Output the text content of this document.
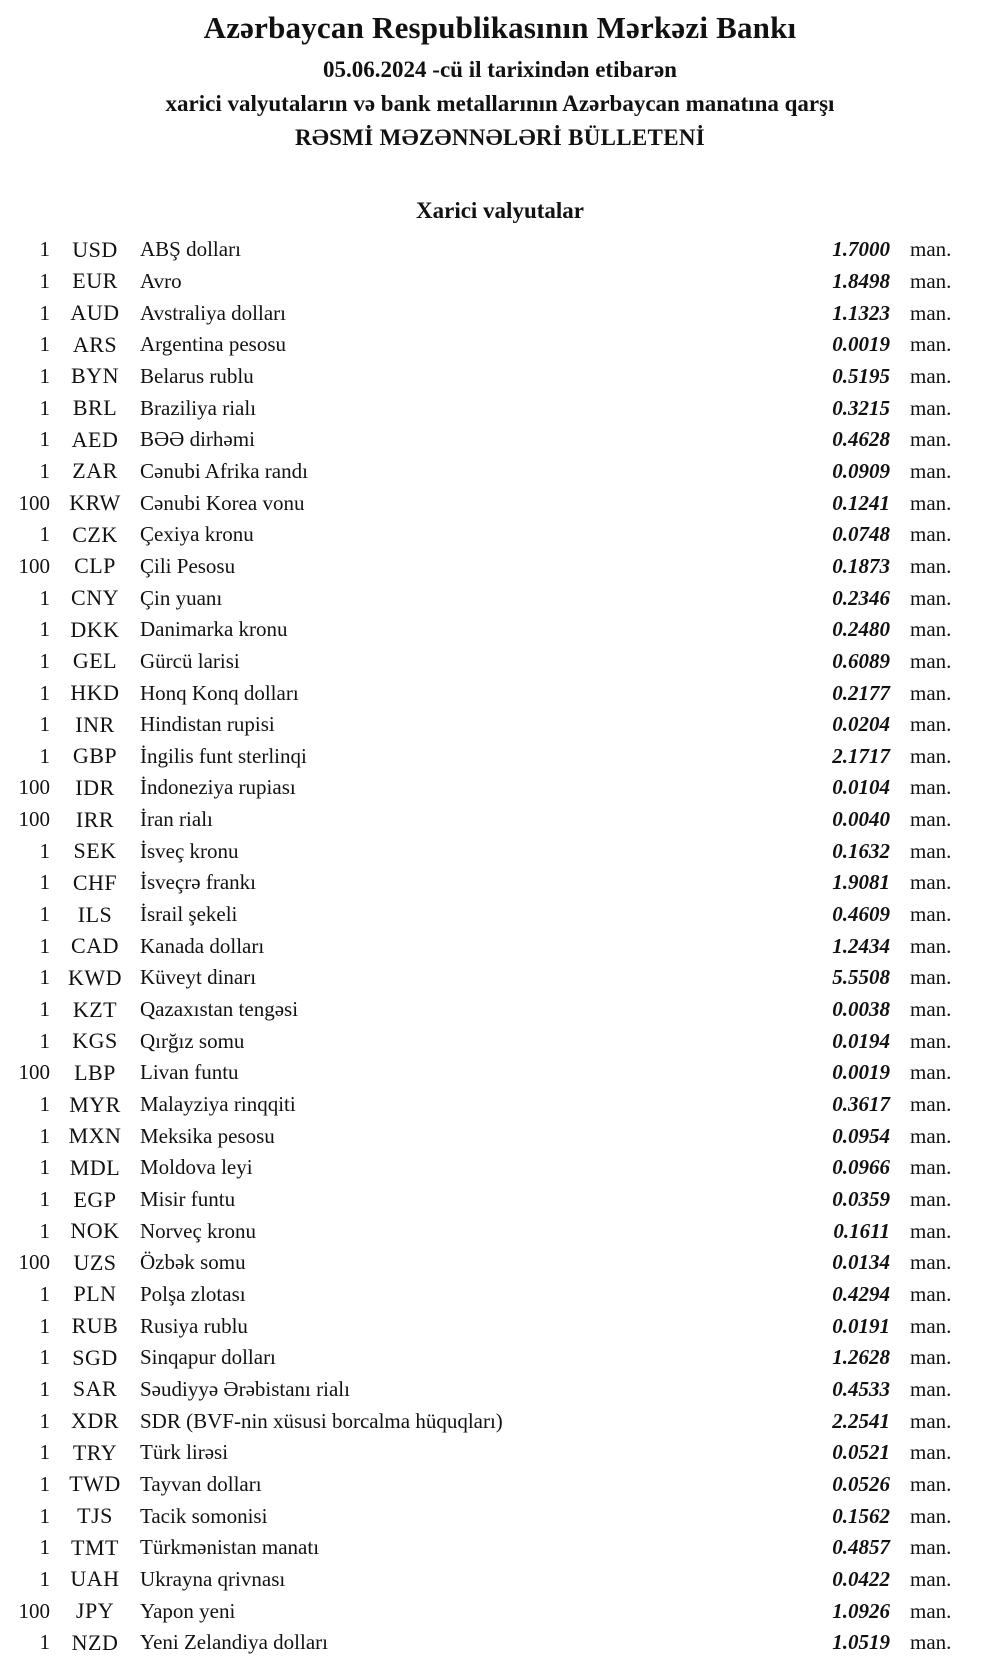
Azərbaycan Respublikasının Mərkəzi Bankı
05.06.2024 -cü il tarixindən etibarən
xarici valyutaların və bank metallarının Azərbaycan manatına qarşı
RƏSMİ MƏZƏNNƏLƏRİ BÜLLETENİ
Xarici valyutalar
1	USD	ABŞ dolları	1.7000 man.
1	EUR	Avro	1.8498 man.
1 AUD Avstraliya dolları	1.1323 man.
1	ARS	Argentina pesosu	0.0019 man.
1 BYN	Belarus rublu	0.5195 man.
1	BRL	Braziliya rialı	0.3215 man.
1 AED	BƏƏ dirhəmi	0.4628 man.
1	ZAR	Cənubi Afrika randı	0.0909 man.
100 KRW Cənubi Korea vonu	0.1241 man.
1	CZK	Çexiya kronu	0.0748 man.
100	CLP	Çili Pesosu	0.1873 man.
1 CNY	Çin yuanı	0.2346 man.
1 DKK Danimarka kronu	0.2480 man.
1	GEL	Gürcü larisi	0.6089 man.
1 HKD Honq Konq dolları	0.2177 man.
1	INR	Hindistan rupisi	0.0204 man.
1	GBP	İngilis funt sterlinqi	2.1717 man.
100	IDR	İndoneziya rupiası	0.0104 man.
100	IRR	İran rialı	0.0040 man.
1	SEK	İsveç kronu	0.1632 man.
1	CHF	İsveçrə frankı	1.9081 man.
1	ILS	İsrail şekeli	0.4609 man.
1 CAD	Kanada dolları	1.2434 man.
1 KWD Küveyt dinarı	5.5508 man.
1	KZT	Qazaxıstan tengəsi	0.0038 man.
1	KGS	Qırğız somu	0.0194 man.
100	LBP	Livan funtu	0.0019 man.
1 MYR Malayziya rinqqiti	0.3617 man.
1 MXN Meksika pesosu	0.0954 man.
1 MDL Moldova leyi	0.0966 man.
1	EGP	Misir funtu	0.0359 man.
1 NOK Norveç kronu	0.1611 man.
100	UZS	Özbək somu	0.0134 man.
1	PLN	Polşa zlotası	0.4294 man.
1 RUB	Rusiya rublu	0.0191 man.
1	SGD	Sinqapur dolları	1.2628 man.
1	SAR	Səudiyyə Ərəbistanı rialı	0.4533 man.
1 XDR	SDR (BVF-nin xüsusi borcalma hüquqları)	2.2541 man.
1	TRY	Türk lirəsi	0.0521 man.
1 TWD Tayvan dolları	0.0526 man.
1	TJS	Tacik somonisi	0.1562 man.
1 TMT	Türkmənistan manatı	0.4857 man.
1 UAH Ukrayna qrivnası	0.0422 man.
100	JPY	Yapon yeni	1.0926 man.
1 NZD	Yeni Zelandiya dolları	1.0519 man.
